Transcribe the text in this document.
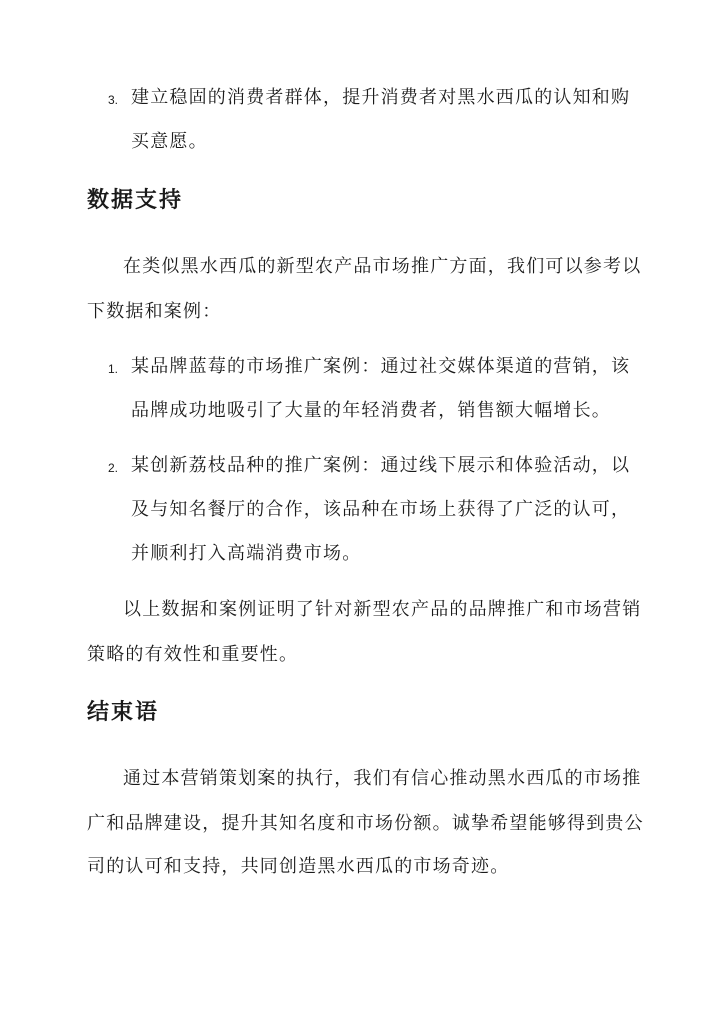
3. 建立稳固的消费者群体，提升消费者对黑水西瓜的认知和购
买意愿。
数据支持
在类似黑水西瓜的新型农产品市场推广方面，我们可以参考以
下数据和案例：
1. 某品牌蓝莓的市场推广案例：通过社交媒体渠道的营销，该
品牌成功地吸引了大量的年轻消费者，销售额大幅增长。
2. 某创新荔枝品种的推广案例：通过线下展示和体验活动，以
及与知名餐厅的合作，该品种在市场上获得了广泛的认可，
并顺利打入高端消费市场。
以上数据和案例证明了针对新型农产品的品牌推广和市场营销
策略的有效性和重要性。
结束语
通过本营销策划案的执行，我们有信心推动黑水西瓜的市场推
广和品牌建设，提升其知名度和市场份额。诚挚希望能够得到贵公
司的认可和支持，共同创造黑水西瓜的市场奇迹。
